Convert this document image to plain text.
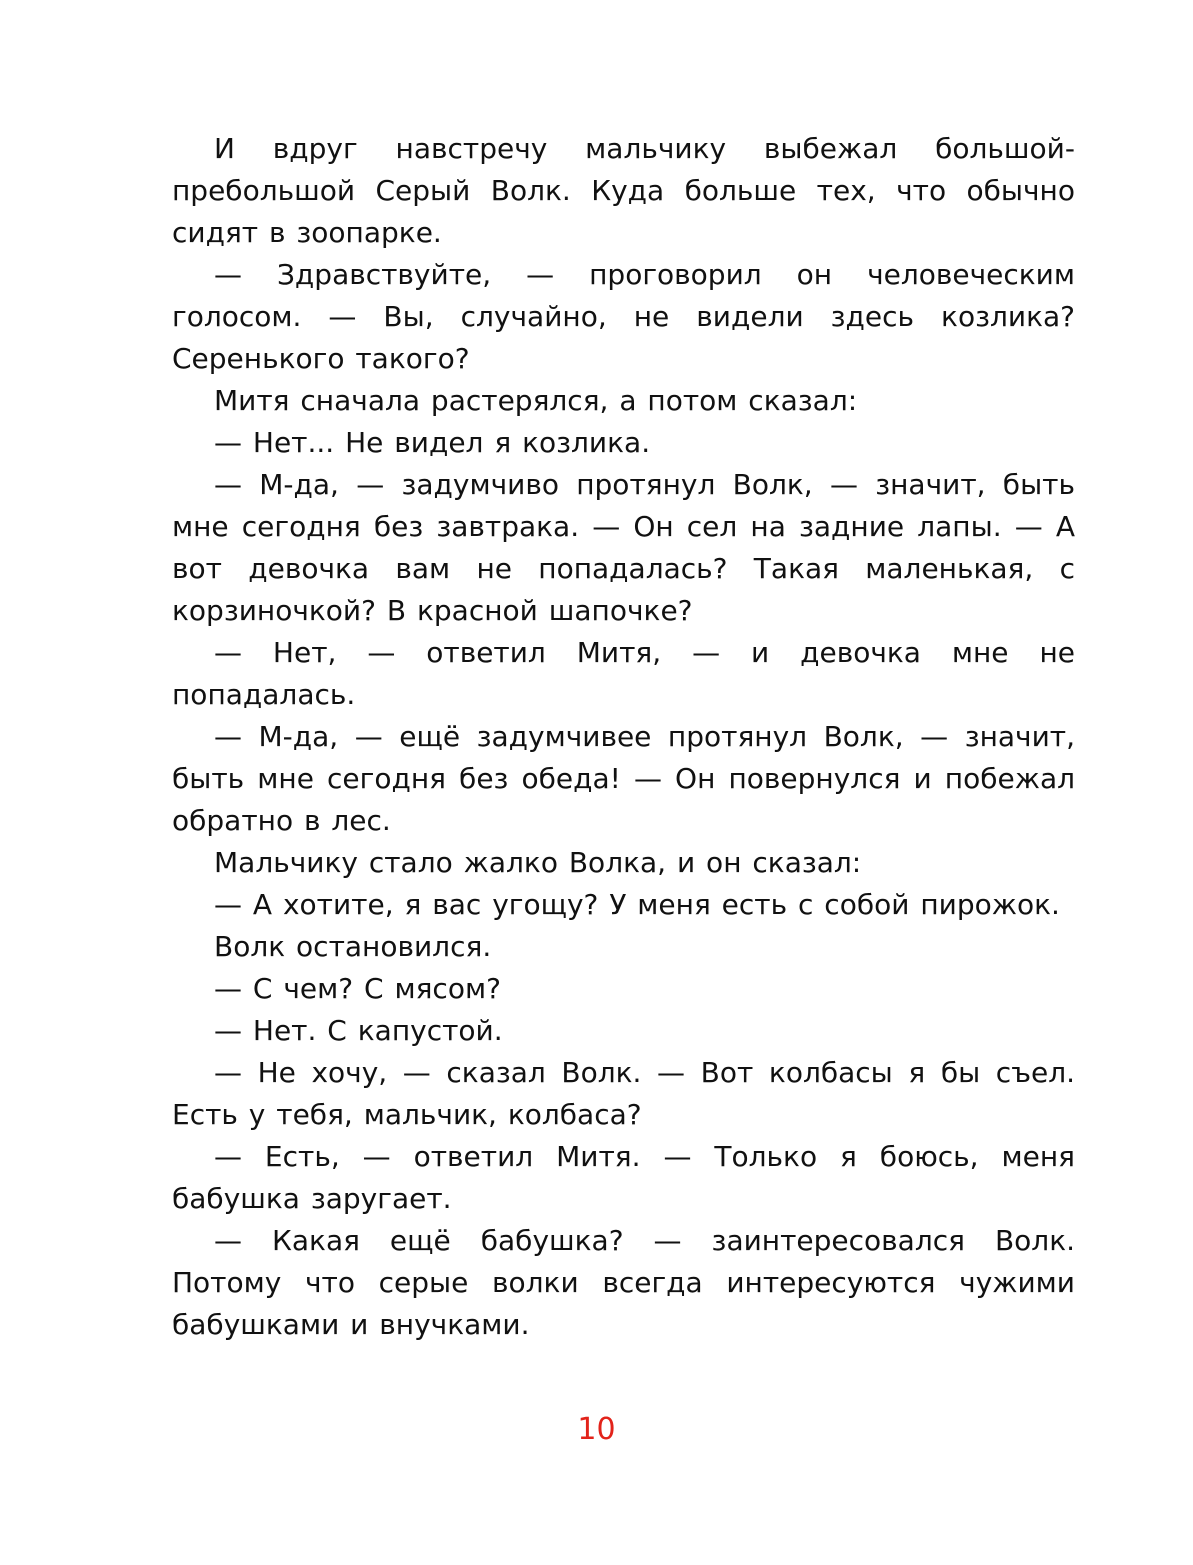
И вдруг навстречу мальчику выбежал большой-пребольшой Серый Волк. Куда больше тех, что обычно сидят в зоопарке.

— Здравствуйте, — проговорил он человеческим голосом. — Вы, случайно, не видели здесь козлика? Серенького такого?

Митя сначала растерялся, а потом сказал:

— Нет... Не видел я козлика.

— М-да, — задумчиво протянул Волк, — значит, быть мне сегодня без завтрака. — Он сел на задние лапы. — А вот девочка вам не попадалась? Такая маленькая, с корзиночкой? В красной шапочке?

— Нет, — ответил Митя, — и девочка мне не попадалась.

— М-да, — ещё задумчивее протянул Волк, — значит, быть мне сегодня без обеда! — Он повернулся и побежал обратно в лес.

Мальчику стало жалко Волка, и он сказал:

— А хотите, я вас угощу? У меня есть с собой пирожок.

Волк остановился.

— С чем? С мясом?

— Нет. С капустой.

— Не хочу, — сказал Волк. — Вот колбасы я бы съел. Есть у тебя, мальчик, колбаса?

— Есть, — ответил Митя. — Только я боюсь, меня бабушка заругает.

— Какая ещё бабушка? — заинтересовался Волк. Потому что серые волки всегда интересуются чужими бабушками и внучками.

10
